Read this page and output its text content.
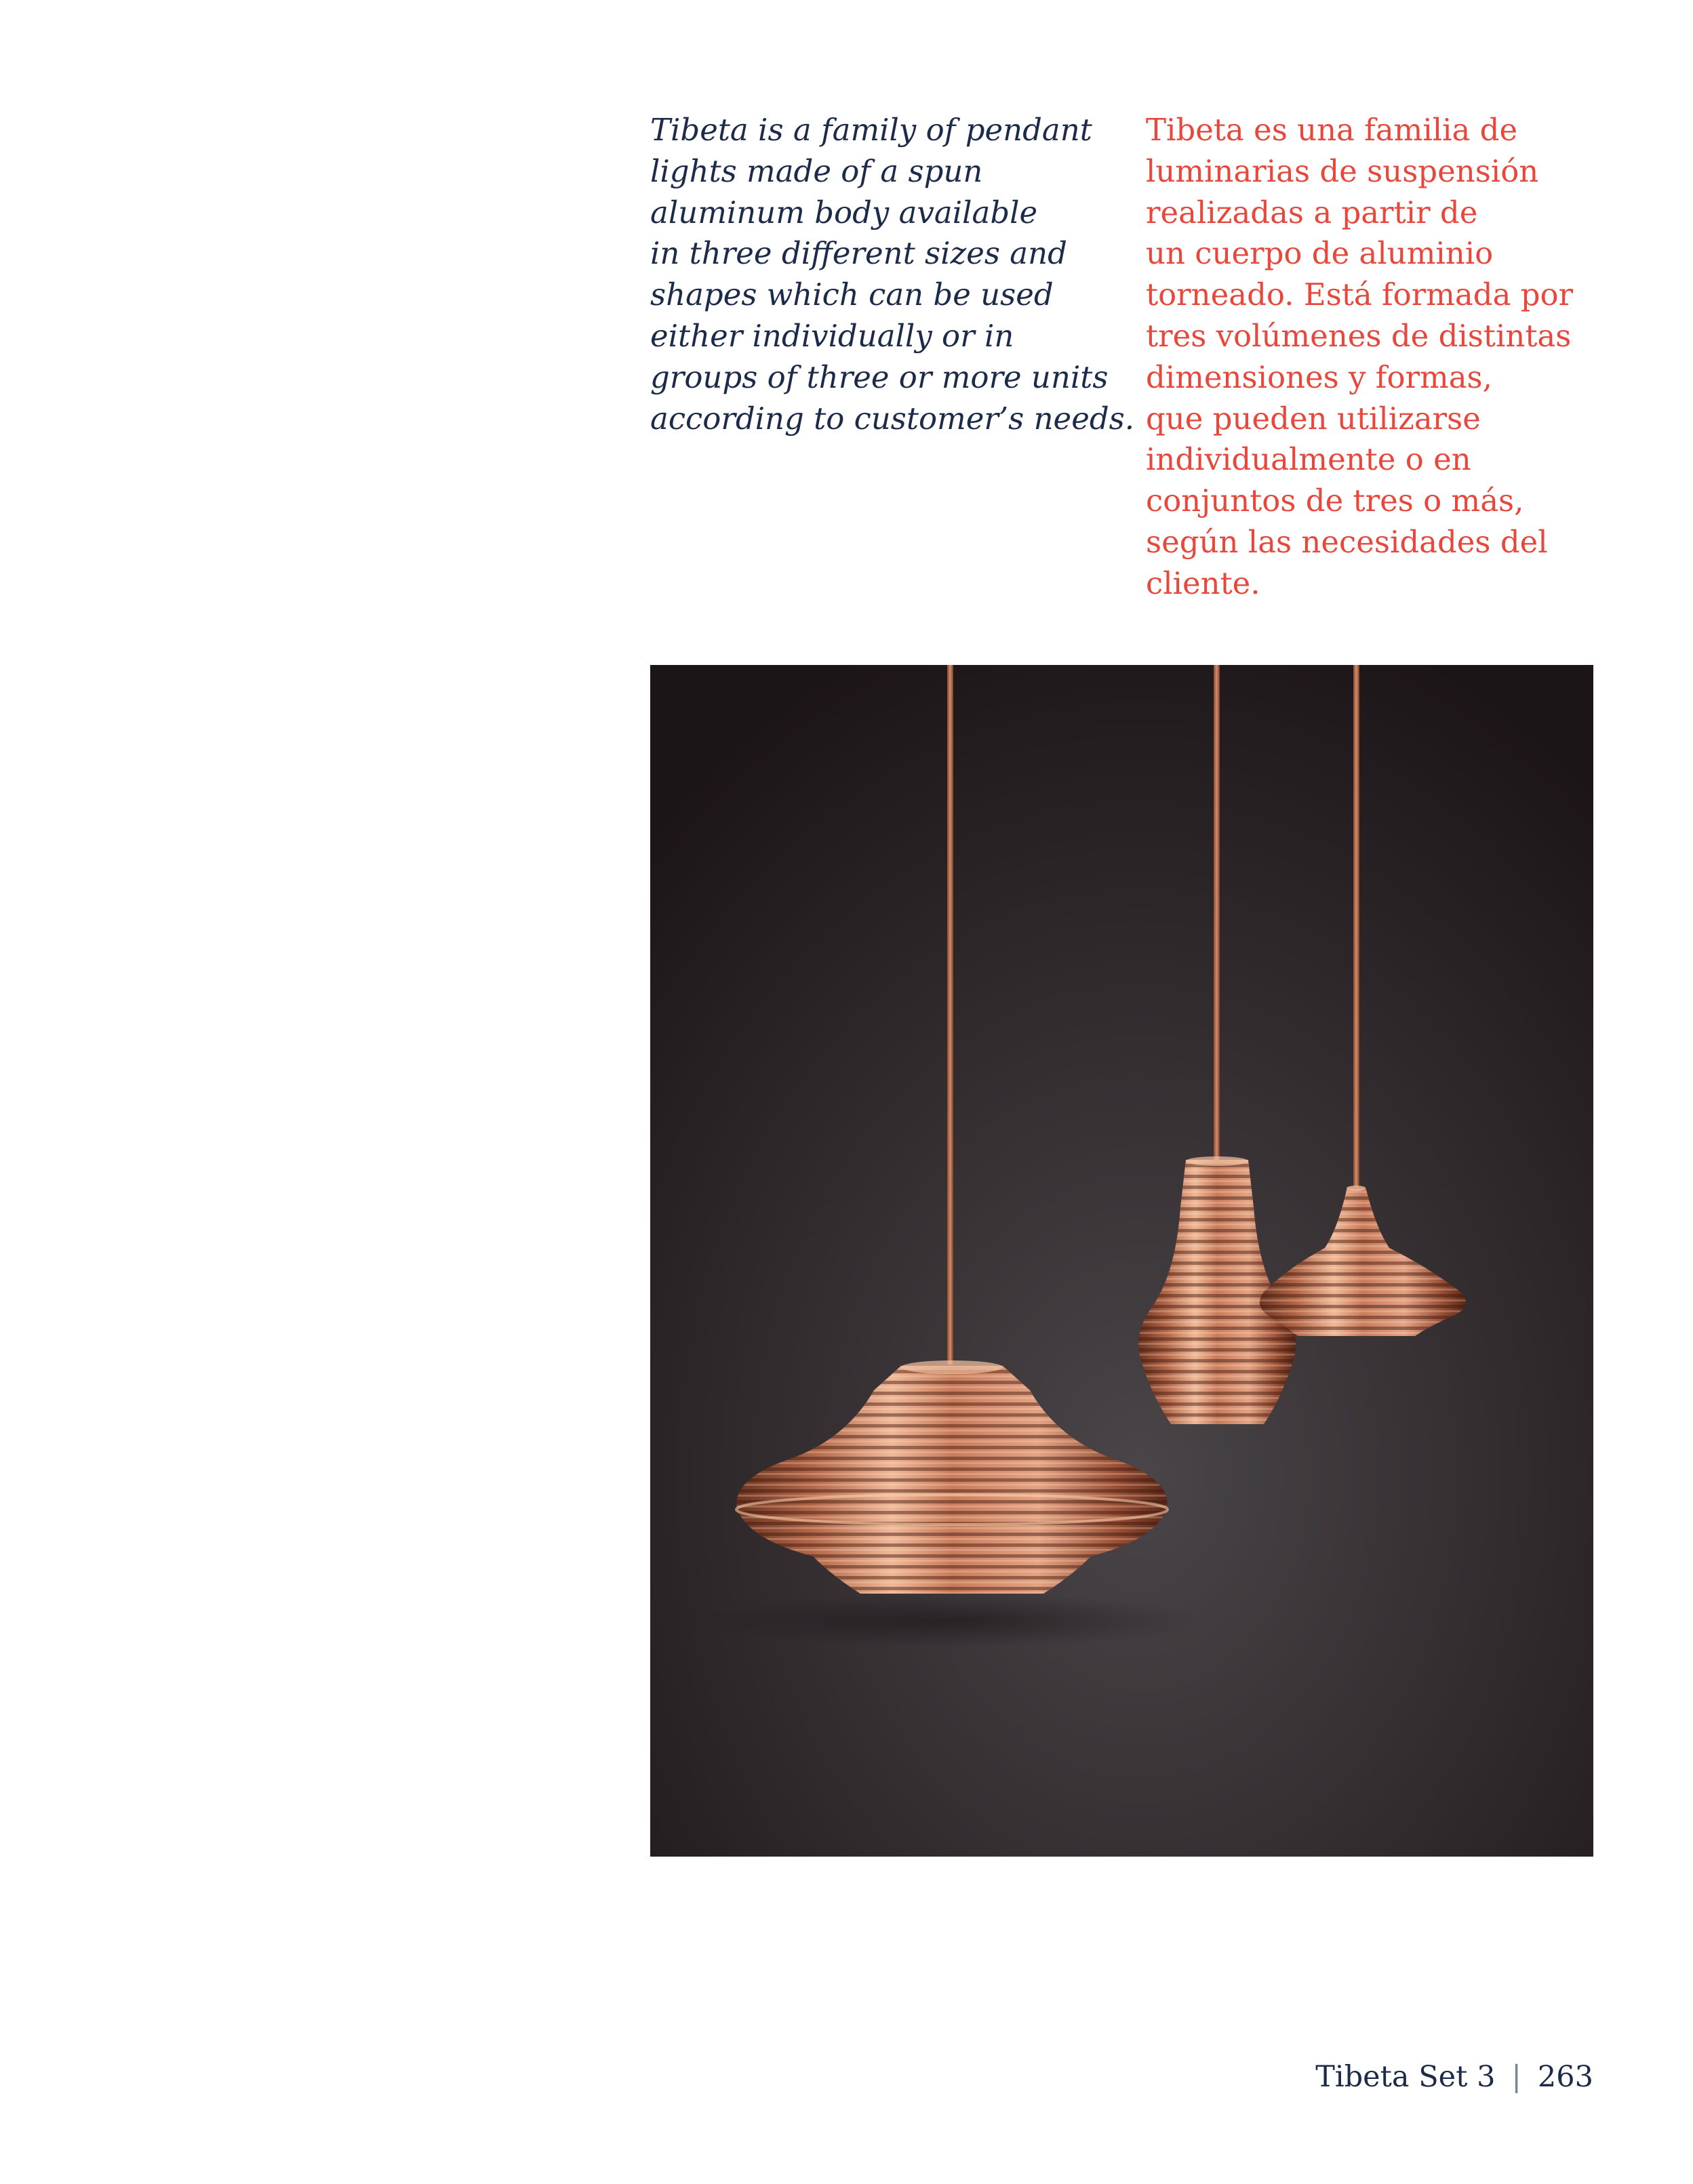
Tibeta is a family of pendant
lights made of a spun
aluminum body available
in three different sizes and
shapes which can be used
either individually or in
groups of three or more units
according to customer’s needs.
Tibeta es una familia de
luminarias de suspensión
realizadas a partir de
un cuerpo de aluminio
torneado. Está formada por
tres volúmenes de distintas
dimensiones y formas,
que pueden utilizarse
individualmente o en
conjuntos de tres o más,
según las necesidades del
cliente.
Tibeta Set 3 | 263
